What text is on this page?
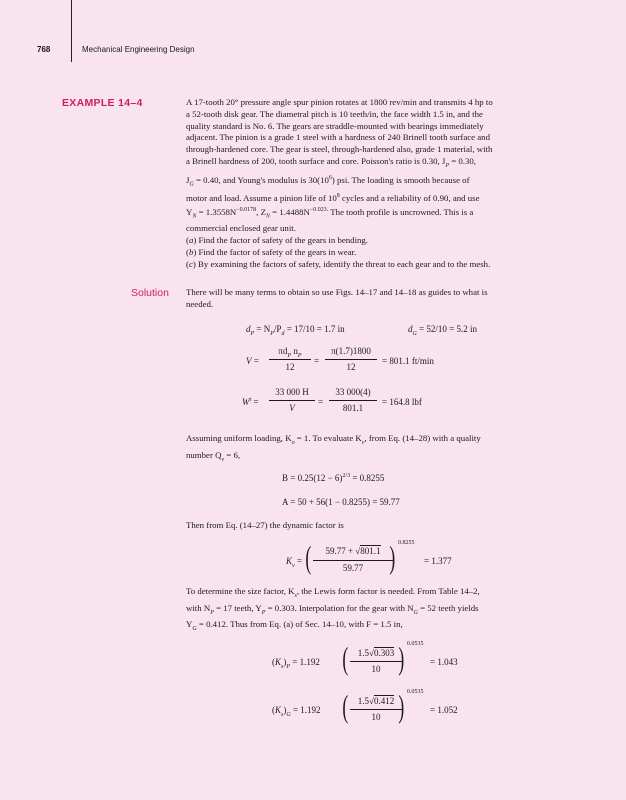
768	Mechanical Engineering Design
EXAMPLE 14–4	A 17-tooth 20° pressure angle spur pinion rotates at 1800 rev/min and transmits 4 hp to
a 52-tooth disk gear. The diametral pitch is 10 teeth/in, the face width 1.5 in, and the
quality standard is No. 6. The gears are straddle-mounted with bearings immediately
adjacent. The pinion is a grade 1 steel with a hardness of 240 Brinell tooth surface and
through-hardened core. The gear is steel, through-hardened also, grade 1 material, with
a Brinell hardness of 200, tooth surface and core. Poisson's ratio is 0.30, $J_P = 0.30$,
$J_G = 0.40$, and Young's modulus is $30(10^6)$ psi. The loading is smooth because of
motor and load. Assume a pinion life of $10^8$ cycles and a reliability of 0.90, and use
$Y_N = 1.3558N^{-0.0178}$, $Z_N = 1.4488N^{-0.023.}$ The tooth profile is uncrowned. This is a
commercial enclosed gear unit.
(a) Find the factor of safety of the gears in bending.
(b) Find the factor of safety of the gears in wear.
(c) By examining the factors of safety, identify the threat to each gear and to the mesh.

Solution There will be many terms to obtain so use Figs. 14–17 and 14–18 as guides to what is
needed.

$d_P = N_P/P_d = 17/10 = 1.7$ in	$d_G = 52/10 = 5.2$ in
V =
$\pi d_P$ $n_P$
12
=
π(1.7)1800
12
= 801.1 ft/min
$W^t$ =
33 000 H
V
=
33 000(4)
801.1
= 164.8 lbf

Assuming uniform loading, $K_o = 1$. To evaluate $K_v$, from Eq. (14–28) with a quality
number $Q_v = 6$,

$B = 0.25(12 - 6)^{2/3} = 0.8255$
A = 50 + 56(1 − 0.8255) = 59.77

Then from Eq. (14–27) the dynamic factor is

$K_v$ = (	59.77 + √801.1
59.77 ) 0.8255
= 1.377

To determine the size factor, $K_s$, the Lewis form factor is needed. From Table 14–2,
with $N_P = 17$ teeth, $Y_P = 0.303$. Interpolation for the gear with $N_G = 52$ teeth yields
$Y_G = 0.412$. Thus from Eq. (a) of Sec. 14–10, with F = 1.5 in,

$(K_s)_P = 1.192$ (	1.5√0.303
10 ) 0.0535
= 1.043
$(K_s)_G = 1.192$ (	1.5√0.412
10 ) 0.0535
= 1.052
